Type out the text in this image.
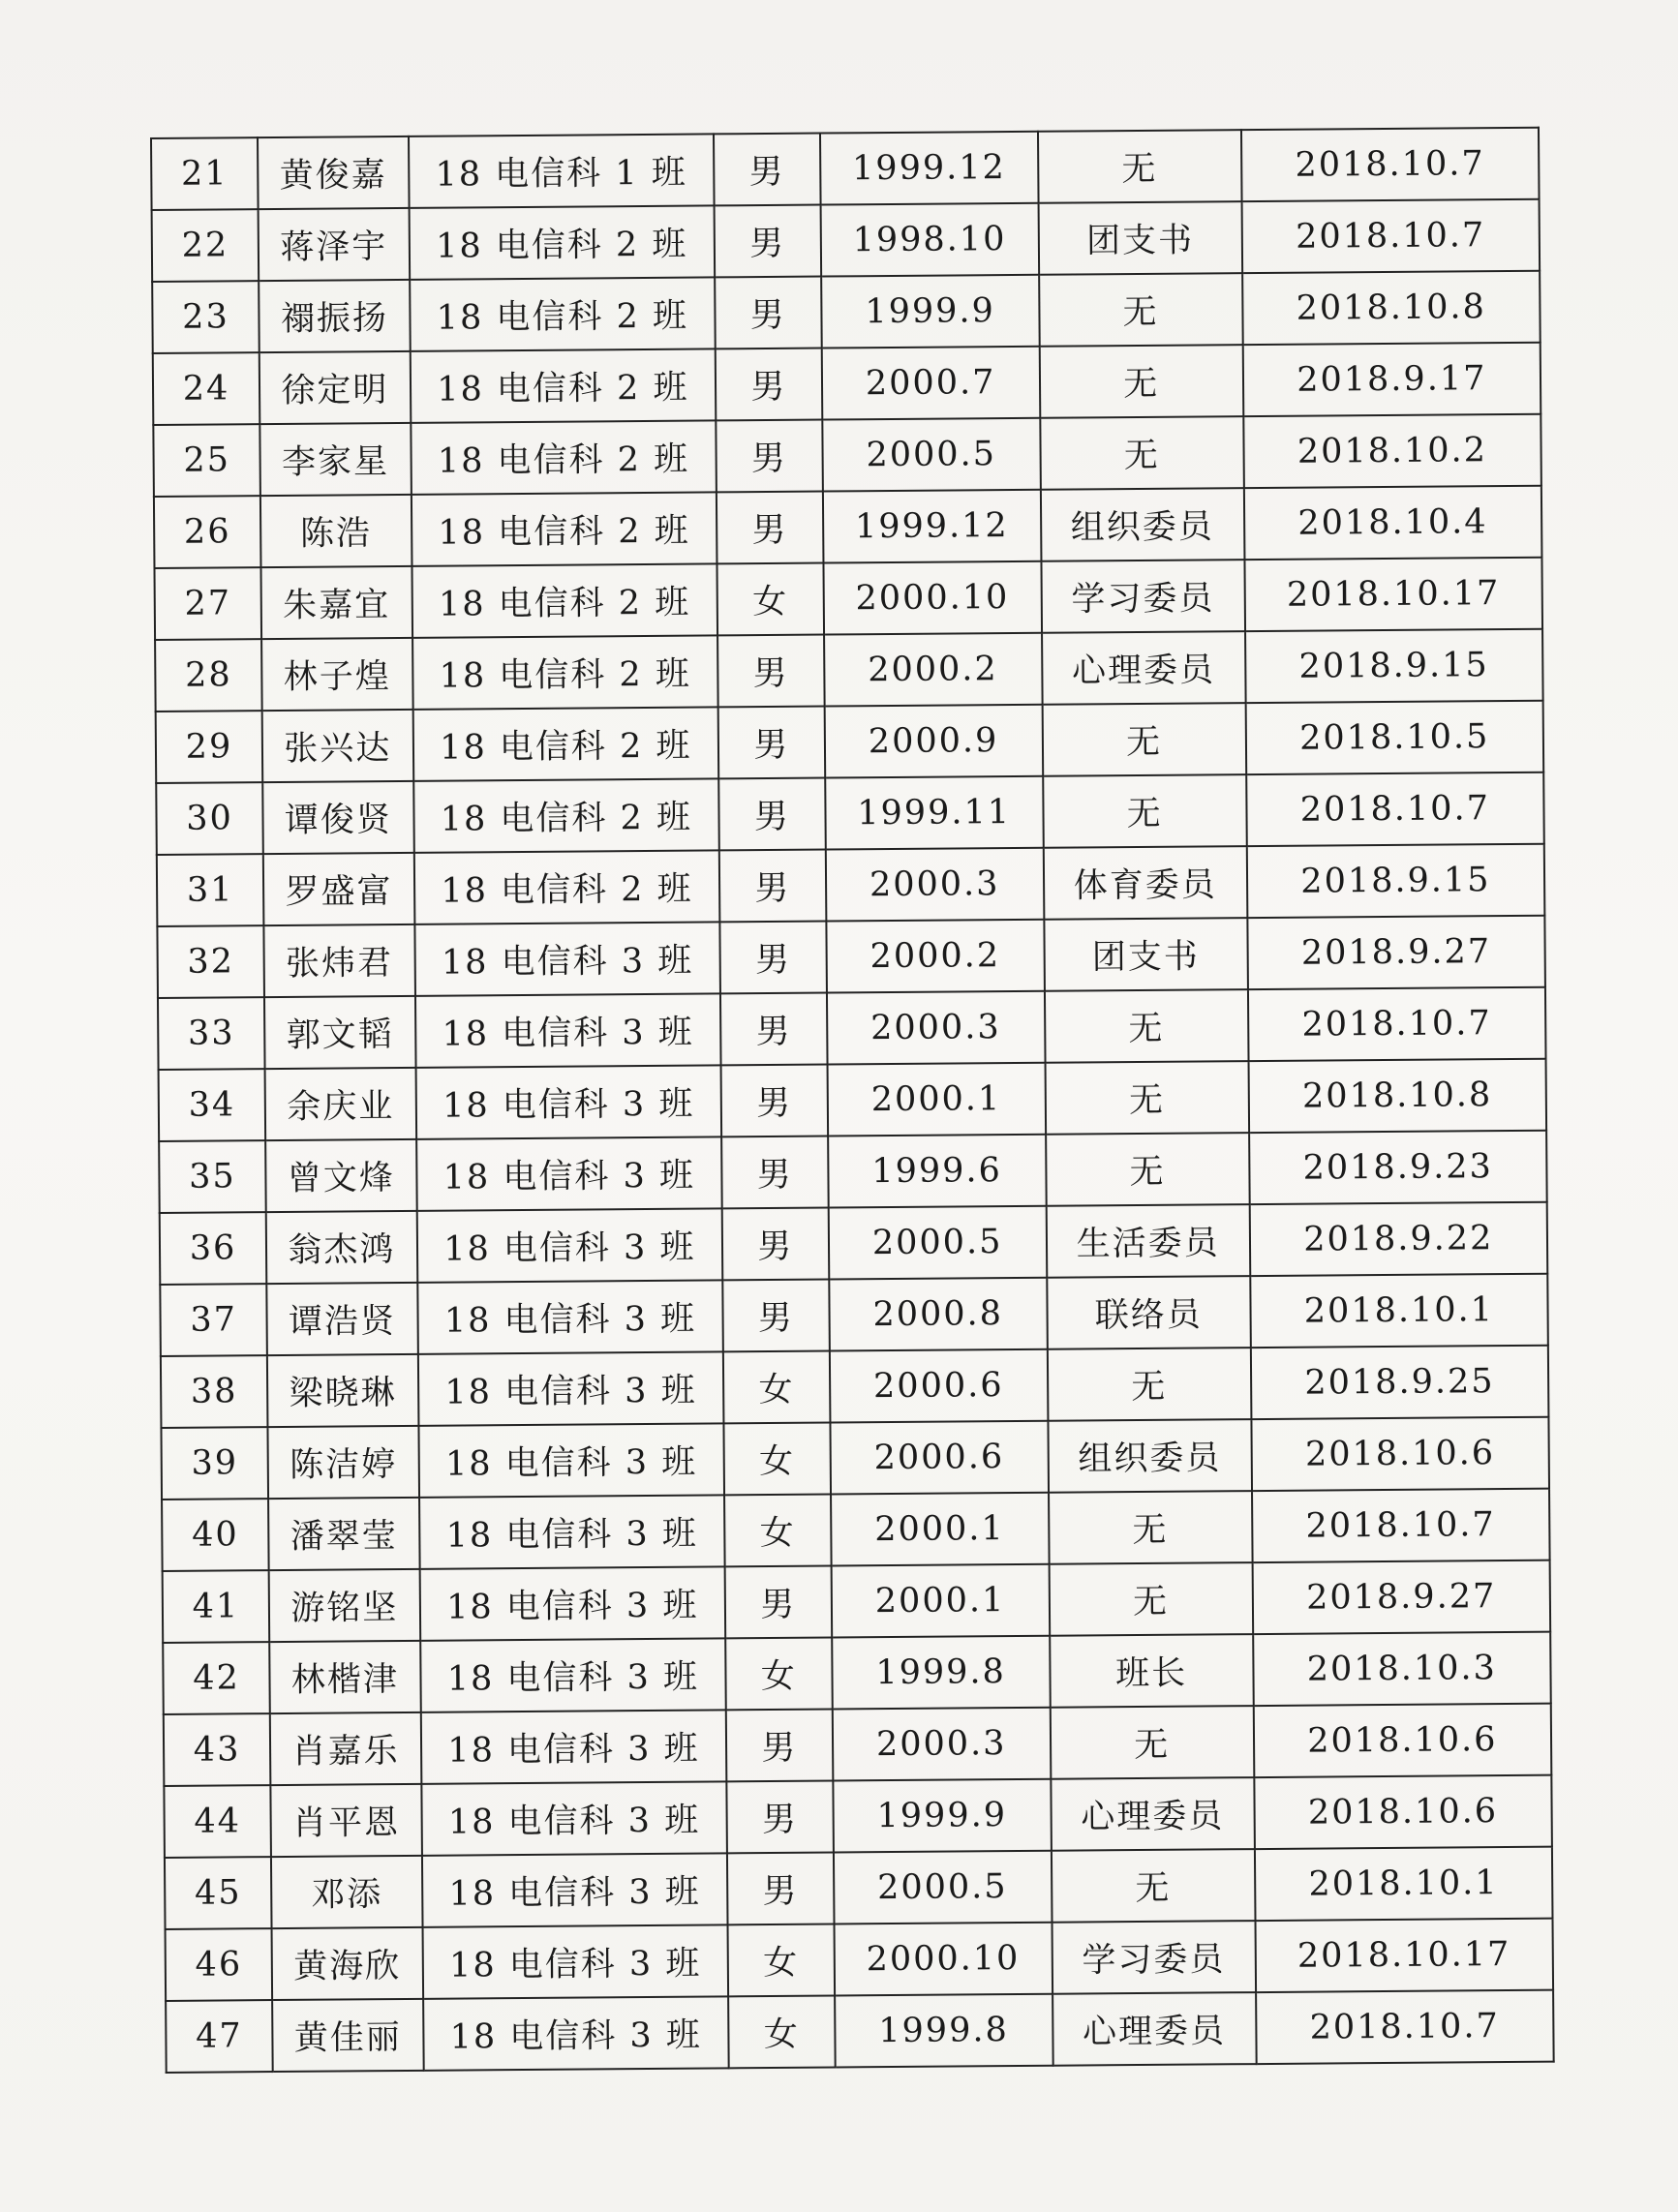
21	黄俊嘉	18 电信科 1 班	男	1999.12	无	2018.10.7
22	蒋泽宇	18 电信科 2 班	男	1998.10	团支书	2018.10.7
23	禤振扬	18 电信科 2 班	男	1999.9	无	2018.10.8
24	徐定明	18 电信科 2 班	男	2000.7	无	2018.9.17
25	李家星	18 电信科 2 班	男	2000.5	无	2018.10.2
26	陈浩	18 电信科 2 班	男	1999.12	组织委员	2018.10.4
27	朱嘉宜	18 电信科 2 班	女	2000.10	学习委员	2018.10.17
28	林子煌	18 电信科 2 班	男	2000.2	心理委员	2018.9.15
29	张兴达	18 电信科 2 班	男	2000.9	无	2018.10.5
30	谭俊贤	18 电信科 2 班	男	1999.11	无	2018.10.7
31	罗盛富	18 电信科 2 班	男	2000.3	体育委员	2018.9.15
32	张炜君	18 电信科 3 班	男	2000.2	团支书	2018.9.27
33	郭文韬	18 电信科 3 班	男	2000.3	无	2018.10.7
34	余庆业	18 电信科 3 班	男	2000.1	无	2018.10.8
35	曾文烽	18 电信科 3 班	男	1999.6	无	2018.9.23
36	翁杰鸿	18 电信科 3 班	男	2000.5	生活委员	2018.9.22
37	谭浩贤	18 电信科 3 班	男	2000.8	联络员	2018.10.1
38	梁晓琳	18 电信科 3 班	女	2000.6	无	2018.9.25
39	陈洁婷	18 电信科 3 班	女	2000.6	组织委员	2018.10.6
40	潘翠莹	18 电信科 3 班	女	2000.1	无	2018.10.7
41	游铭坚	18 电信科 3 班	男	2000.1	无	2018.9.27
42	林楷津	18 电信科 3 班	女	1999.8	班长	2018.10.3
43	肖嘉乐	18 电信科 3 班	男	2000.3	无	2018.10.6
44	肖平恩	18 电信科 3 班	男	1999.9	心理委员	2018.10.6
45	邓添	18 电信科 3 班	男	2000.5	无	2018.10.1
46	黄海欣	18 电信科 3 班	女	2000.10	学习委员	2018.10.17
47	黄佳丽	18 电信科 3 班	女	1999.8	心理委员	2018.10.7
